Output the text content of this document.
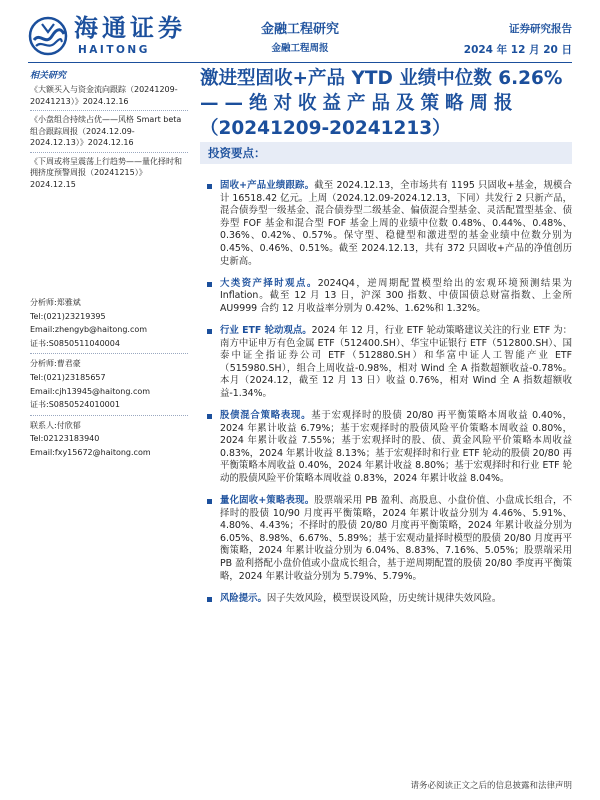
海通证券
HAITONG
金融工程研究
金融工程周报
证券研究报告
2024 年 12 月 20 日
相关研究
《大额买入与资金流向跟踪（20241209-20241213）》2024.12.16
《小盘组合持续占优——风格 Smart beta 组合跟踪周报（2024.12.09-2024.12.13）》2024.12.16
《下周或将呈震荡上行趋势——量化择时和拥挤度预警周报（20241215）》2024.12.15
分析师:郑雅斌
Tel:(021)23219395
Email:zhengyb@haitong.com
证书:S0850511040004
分析师:曹君豪
Tel:(021)23185657
Email:cjh13945@haitong.com
证书:S0850524010001
联系人:付欣郁
Tel:02123183940
Email:fxy15672@haitong.com
激进型固收+产品 YTD 业绩中位数 6.26%

——绝对收益产品及策略周报
（20241209-20241213）
投资要点：
固收+产品业绩跟踪。截至 2024.12.13，全市场共有 1195 只固收+基金，规模合计 16518.42 亿元。上周（2024.12.09-2024.12.13，下同）共发行 2 只新产品，混合债券型一级基金、混合债券型二级基金、偏债混合型基金、灵活配置型基金、债券型 FOF 基金和混合型 FOF 基金上周的业绩中位数 0.48%、0.44%、0.48%、0.36%、0.42%、0.57%。保守型、稳健型和激进型的基金业绩中位数分别为 0.45%、0.46%、0.51%。截至 2024.12.13，共有 372 只固收+产品的净值创历史新高。
大类资产择时观点。2024Q4，逆周期配置模型给出的宏观环境预测结果为 Inflation。截至 12 月 13 日，沪深 300 指数、中债国债总财富指数、上金所 AU9999 合约 12 月收益率分别为 0.42%、1.62%和 1.32%。
行业 ETF 轮动观点。2024 年 12 月，行业 ETF 轮动策略建议关注的行业 ETF 为：南方中证申万有色金属 ETF（512400.SH）、华宝中证银行 ETF（512800.SH）、国泰中证全指证券公司 ETF（512880.SH）和华富中证人工智能产业 ETF（515980.SH），组合上周收益-0.98%，相对 Wind 全 A 指数超额收益-0.78%。本月（2024.12，截至 12 月 13 日）收益 0.76%，相对 Wind 全 A 指数超额收益-1.34%。
股债混合策略表现。基于宏观择时的股债 20/80 再平衡策略本周收益 0.40%，2024 年累计收益 6.79%；基于宏观择时的股债风险平价策略本周收益 0.80%，2024 年累计收益 7.55%；基于宏观择时的股、债、黄金风险平价策略本周收益 0.83%，2024 年累计收益 8.13%；基于宏观择时和行业 ETF 轮动的股债 20/80 再平衡策略本周收益 0.40%，2024 年累计收益 8.80%；基于宏观择时和行业 ETF 轮动的股债风险平价策略本周收益 0.83%，2024 年累计收益 8.04%。
量化固收+策略表现。股票端采用 PB 盈利、高股息、小盘价值、小盘成长组合，不择时的股债 10/90 月度再平衡策略，2024 年累计收益分别为 4.46%、5.91%、4.80%、4.43%；不择时的股债 20/80 月度再平衡策略，2024 年累计收益分别为 6.05%、8.98%、6.67%、5.89%；基于宏观动量择时模型的股债 20/80 月度再平衡策略，2024 年累计收益分别为 6.04%、8.83%、7.16%、5.05%；股票端采用 PB 盈利搭配小盘价值或小盘成长组合，基于逆周期配置的股债 20/80 季度再平衡策略，2024 年累计收益分别为 5.79%、5.79%。
风险提示。因子失效风险，模型误设风险，历史统计规律失效风险。
请务必阅读正文之后的信息披露和法律声明
